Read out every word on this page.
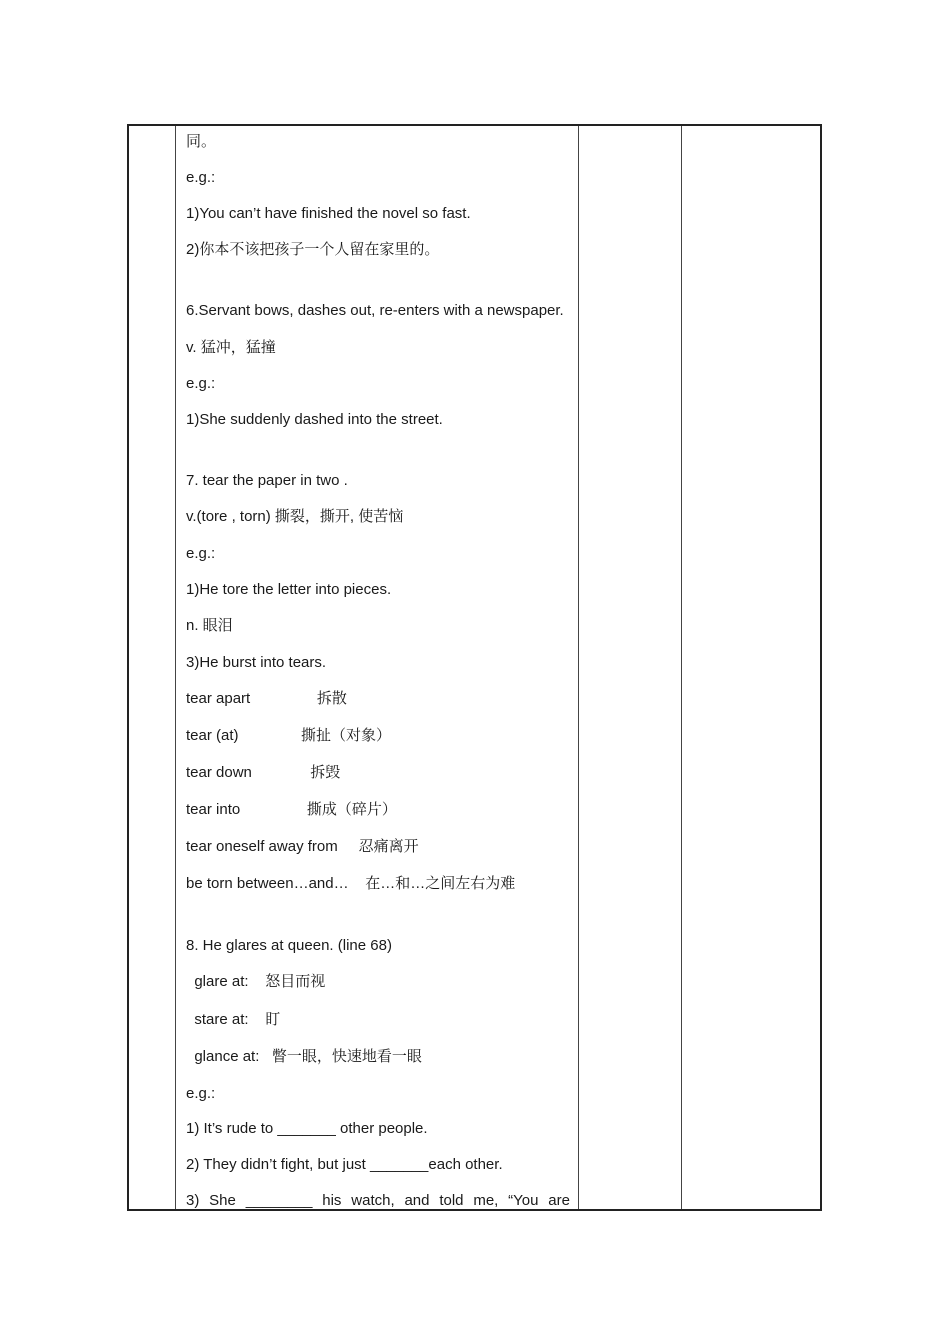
同。
e.g.:
1)You can’t have finished the novel so fast.
2)你本不该把孩子一个人留在家里的。
6.Servant bows, dashes out, re-enters with a newspaper.
v. 猛冲，猛撞
e.g.:
1)She suddenly dashed into the street.
7. tear the paper in two .
v.(tore , torn) 撕裂，撕开, 使苦恼
e.g.:
1)He tore the letter into pieces.
n. 眼泪
3)He burst into tears.
tear apart                拆散
tear (at)               撕扯（对象）
tear down              拆毁
tear into                撕成（碎片）
tear oneself away from     忍痛离开
be torn between…and…    在…和…之间左右为难
8. He glares at queen. (line 68)
glare at:    怒目而视
stare at:    盯
glance at:   瞥一眼，快速地看一眼
e.g.:
1) It’s rude to _______ other people.
2) They didn’t fight, but just _______each other.
3) She ________ his watch, and told me, “You are
